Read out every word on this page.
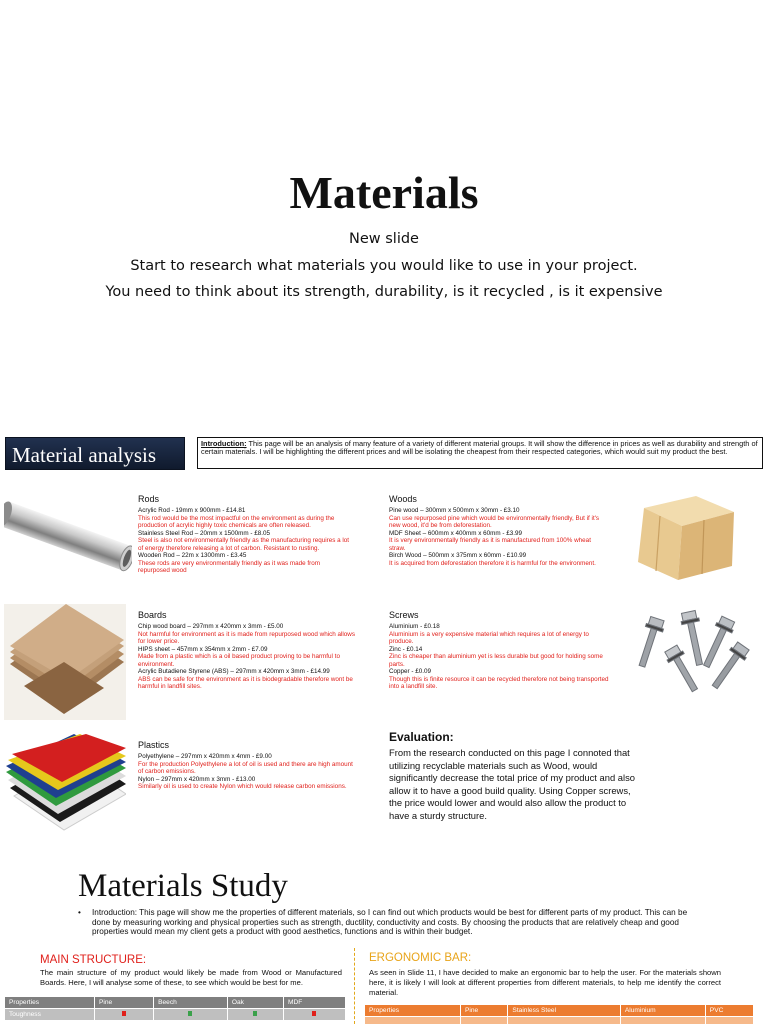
Materials
New slide
Start to research what materials you would like to use in your project.
You need to think about its strength, durability, is it recycled , is it expensive
Material analysis	Introduction: This page will be an analysis of many feature of a variety of different material groups. It will show the difference in prices as well as durability and strength of certain materials. I will be highlighting the different prices and will be isolating the cheapest from their respected categories, which would suit my product the best.
Rods
Acrylic Rod - 19mm x 900mm - £14.81
This rod would be the most impactful on the environment as during the production of acrylic highly toxic chemicals are often released.
Stainless Steel Rod – 20mm x 1500mm - £8.05
Steel is also not environmentally friendly as the manufacturing requires a lot of energy therefore releasing a lot of carbon. Resistant to rusting.
Wooden Rod – 22m x 1300mm - £3.45
These rods are very environmentally friendly as it was made from repurposed wood
Woods
Pine wood – 300mm x 500mm x 30mm - £3.10
Can use repurposed pine which would be environmentally friendly, But if it's new wood, it'd be from deforestation.
MDF Sheet – 600mm x 400mm x 60mm - £3.99
It is very environmentally friendly as it is manufactured from 100% wheat straw.
Birch Wood – 500mm x 375mm x 60mm - £10.99
It is acquired from deforestation therefore it is harmful for the environment.
Boards
Chip wood board – 297mm x 420mm x 3mm - £5.00
Not harmful for environment as it is made from repurposed wood which allows for lower price.
HIPS sheet – 457mm x 354mm x 2mm - £7.09
Made from a plastic which is a oil based product proving to be harmful to environment.
Acrylic Butadiene Styrene (ABS) – 297mm x 420mm x 3mm - £14.99
ABS can be safe for the environment as it is biodegradable therefore wont be harmful in landfill sites.
Screws
Aluminium - £0.18
Aluminium is a very expensive material which requires a lot of energy to produce.
Zinc - £0.14
Zinc is cheaper than aluminium yet is less durable but good for holding some parts.
Copper - £0.09
Though this is finite resource it can be recycled therefore not being transported into a landfill site.
Plastics
Polyethylene – 297mm x 420mm x 4mm - £9.00
For the production Polyethylene a lot of oil is used and there are high amount of carbon emissions.
Nylon – 297mm x 420mm x 3mm - £13.00
Similarly oil is used to create Nylon which would release carbon emissions.
Evaluation:
From the research conducted on this page I connoted that utilizing recyclable materials such as Wood, would significantly decrease the total price of my product and also allow it to have a good build quality. Using Copper screws, the price would lower and would also allow the product to have a sturdy structure.
Materials Study
•	Introduction: This page will show me the properties of different materials, so I can find out which products would be best for different parts of my product. This can be done by measuring working and physical properties such as strength, ductility, conductivity and costs. By choosing the products that are relatively cheap and good properties would mean my client gets a product with good aesthetics, functions and is within their budget.
MAIN STRUCTURE:
The main structure of my product would likely be made from Wood or Manufactured Boards. Here, I will analyse some of these, to see which would be best for me.
Properties	Pine	Beech	Oak	MDF
Toughness				
ERGONOMIC BAR:
As seen in Slide 11, I have decided to make an ergonomic bar to help the user. For the materials shown here, it is likely I will look at different properties from different materials, to help me identify the correct material.
Properties	Pine	Stainless Steel	Aluminium	PVC
